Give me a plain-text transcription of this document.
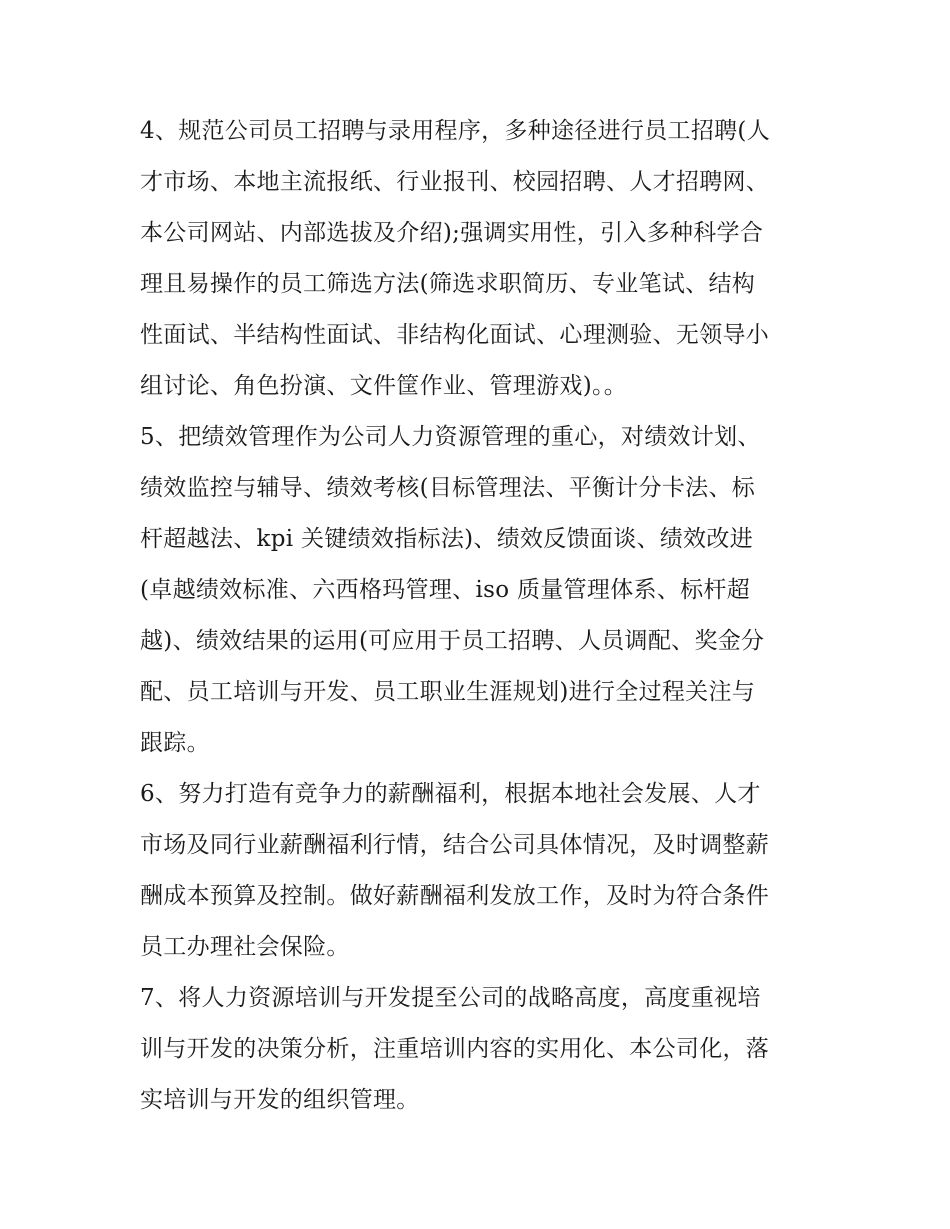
4、规范公司员工招聘与录用程序，多种途径进行员工招聘(人
才市场、本地主流报纸、行业报刊、校园招聘、人才招聘网、
本公司网站、内部选拔及介绍);强调实用性，引入多种科学合
理且易操作的员工筛选方法(筛选求职简历、专业笔试、结构
性面试、半结构性面试、非结构化面试、心理测验、无领导小
组讨论、角色扮演、文件筐作业、管理游戏)。。
5、把绩效管理作为公司人力资源管理的重心，对绩效计划、
绩效监控与辅导、绩效考核(目标管理法、平衡计分卡法、标
杆超越法、kpi 关键绩效指标法)、绩效反馈面谈、绩效改进
(卓越绩效标准、六西格玛管理、iso 质量管理体系、标杆超
越)、绩效结果的运用(可应用于员工招聘、人员调配、奖金分
配、员工培训与开发、员工职业生涯规划)进行全过程关注与
跟踪。
6、努力打造有竞争力的薪酬福利，根据本地社会发展、人才
市场及同行业薪酬福利行情，结合公司具体情况，及时调整薪
酬成本预算及控制。做好薪酬福利发放工作，及时为符合条件
员工办理社会保险。
7、将人力资源培训与开发提至公司的战略高度，高度重视培
训与开发的决策分析，注重培训内容的实用化、本公司化，落
实培训与开发的组织管理。
